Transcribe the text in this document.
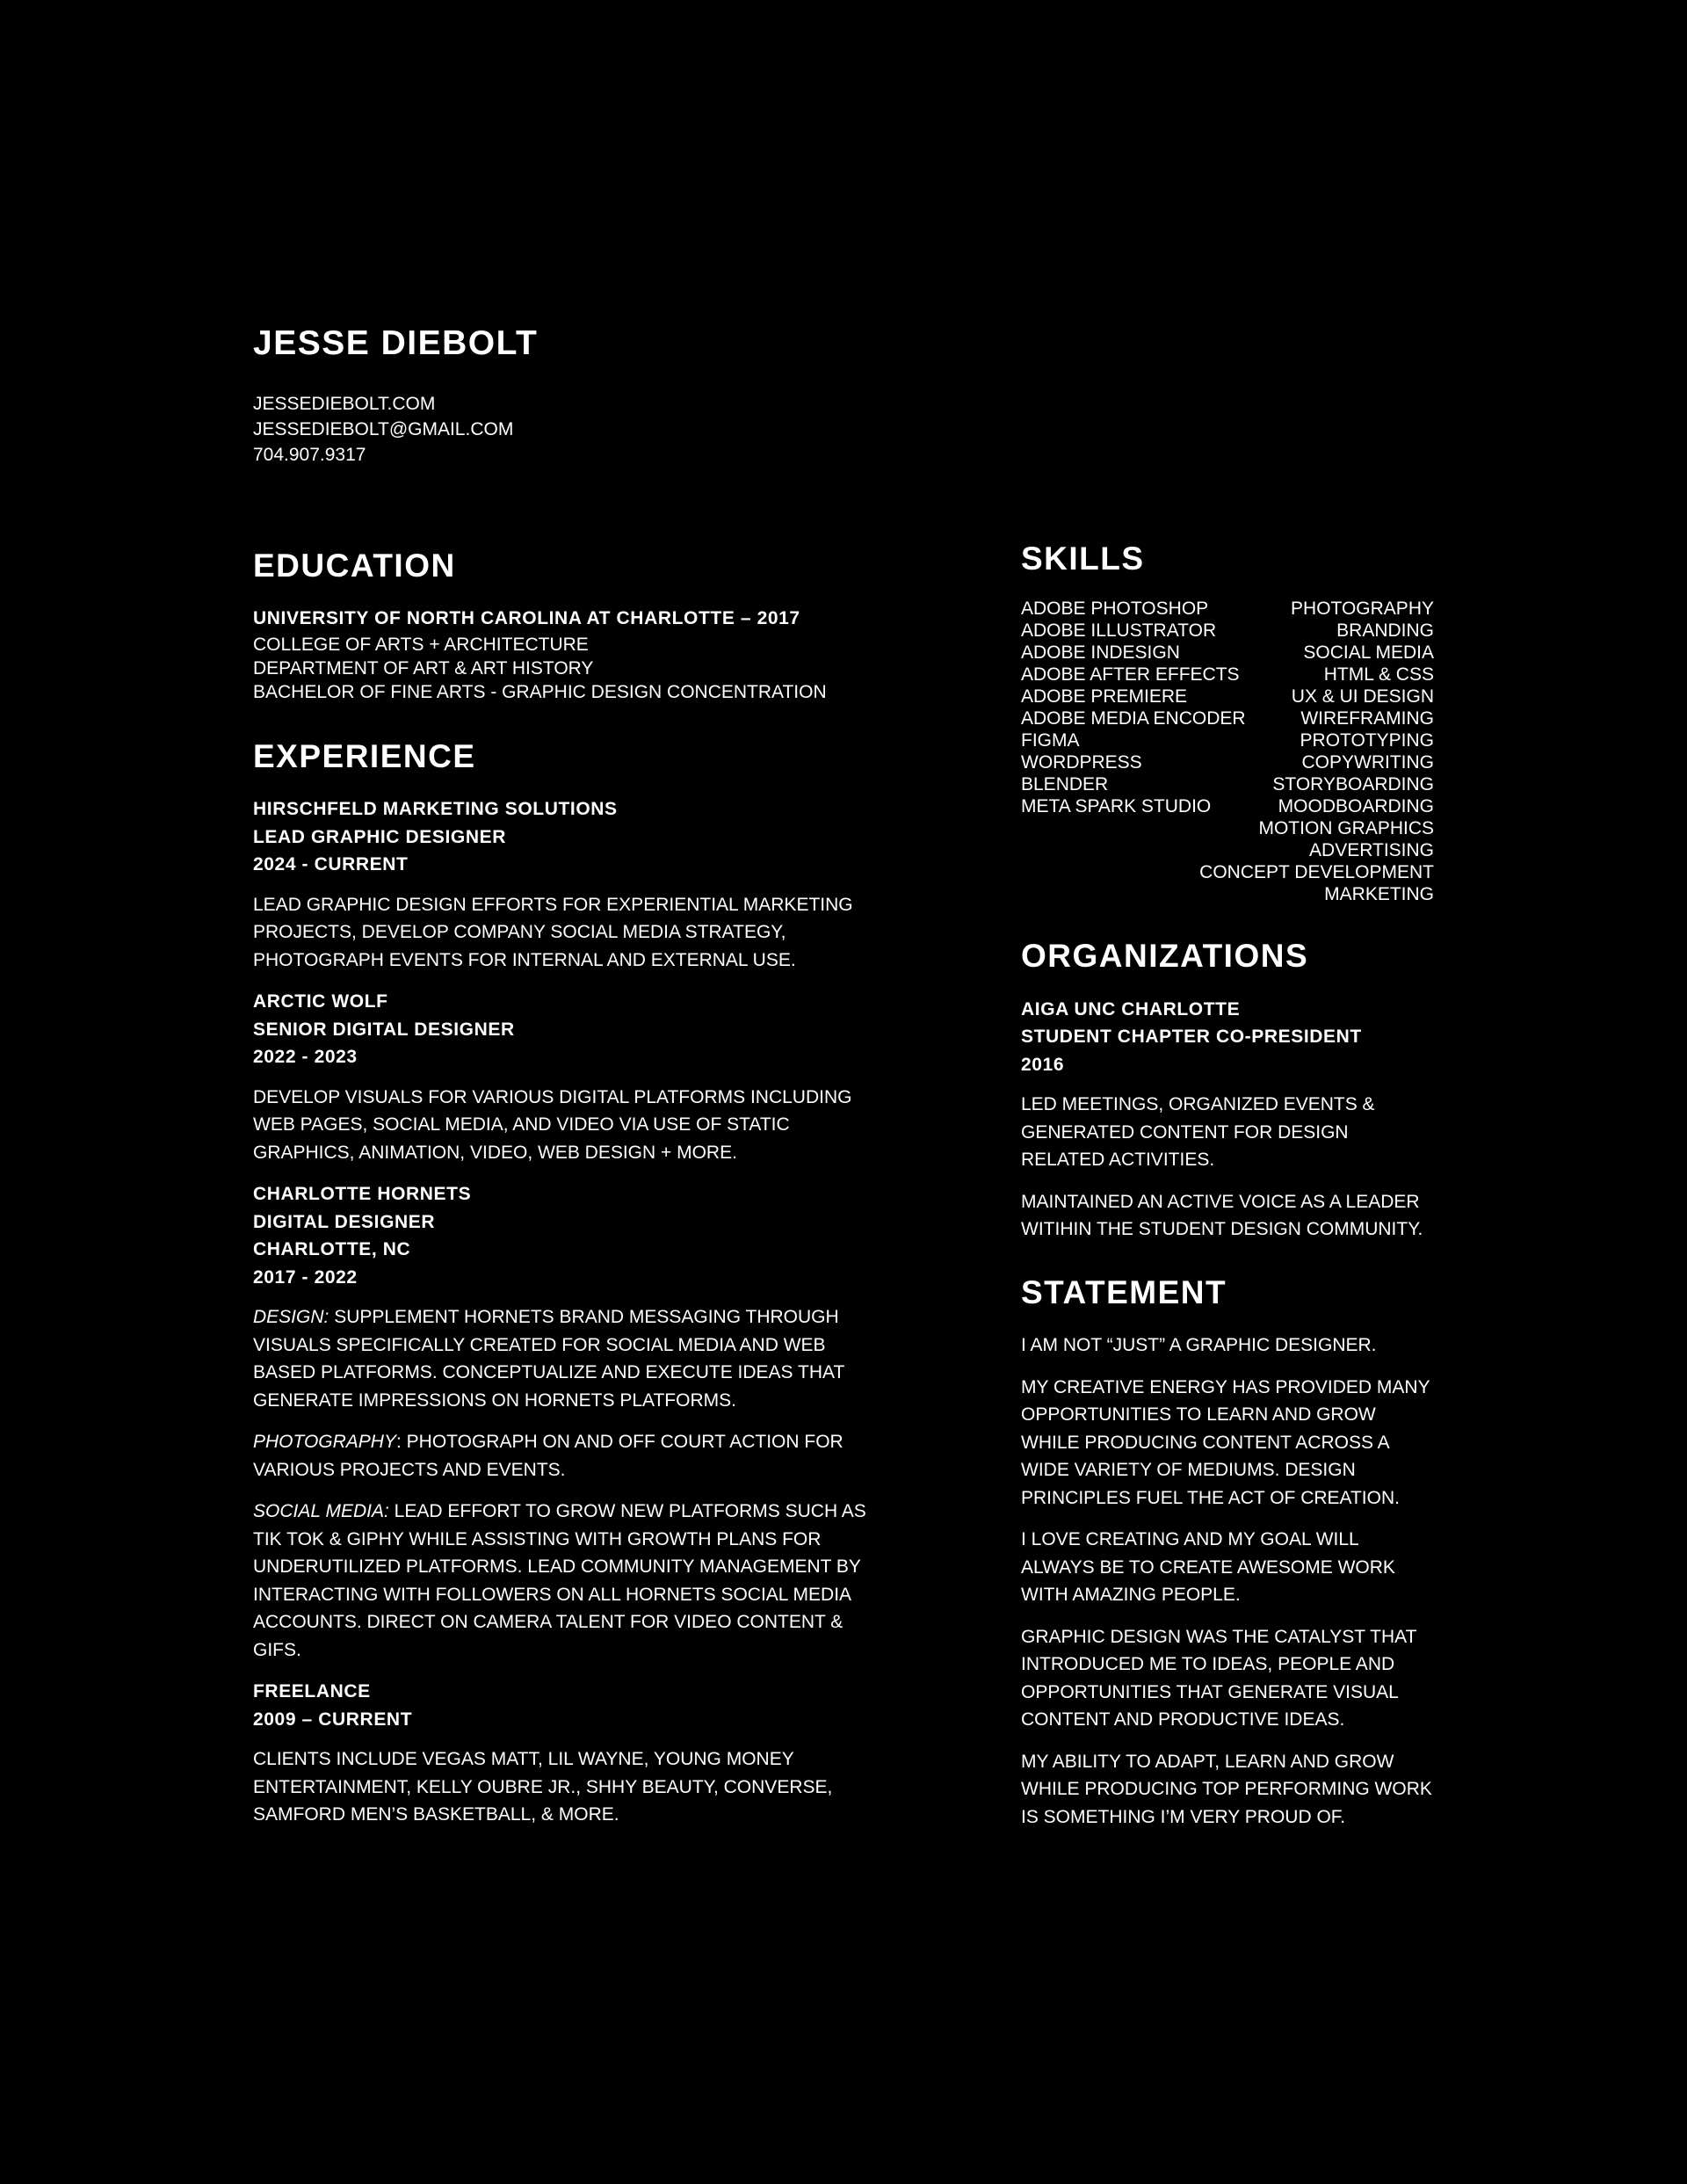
JESSE DIEBOLT
JESSEDIEBOLT.COM
JESSEDIEBOLT@GMAIL.COM
704.907.9317
EDUCATION
UNIVERSITY OF NORTH CAROLINA AT CHARLOTTE – 2017
COLLEGE OF ARTS + ARCHITECTURE
DEPARTMENT OF ART & ART HISTORY
BACHELOR OF FINE ARTS - GRAPHIC DESIGN CONCENTRATION
EXPERIENCE
HIRSCHFELD MARKETING SOLUTIONS
LEAD GRAPHIC DESIGNER
2024 - CURRENT
LEAD GRAPHIC DESIGN EFFORTS FOR EXPERIENTIAL MARKETING PROJECTS, DEVELOP COMPANY SOCIAL MEDIA STRATEGY, PHOTOGRAPH EVENTS FOR INTERNAL AND EXTERNAL USE.
ARCTIC WOLF
SENIOR DIGITAL DESIGNER
2022 - 2023
DEVELOP VISUALS FOR VARIOUS DIGITAL PLATFORMS INCLUDING WEB PAGES, SOCIAL MEDIA, AND VIDEO VIA USE OF STATIC GRAPHICS, ANIMATION, VIDEO, WEB DESIGN + MORE.
CHARLOTTE HORNETS
DIGITAL DESIGNER
CHARLOTTE, NC
2017 - 2022
DESIGN: SUPPLEMENT HORNETS BRAND MESSAGING THROUGH VISUALS SPECIFICALLY CREATED FOR SOCIAL MEDIA AND WEB BASED PLATFORMS. CONCEPTUALIZE AND EXECUTE IDEAS THAT GENERATE IMPRESSIONS ON HORNETS PLATFORMS.
PHOTOGRAPHY: PHOTOGRAPH ON AND OFF COURT ACTION FOR VARIOUS PROJECTS AND EVENTS.
SOCIAL MEDIA: LEAD EFFORT TO GROW NEW PLATFORMS SUCH AS TIK TOK & GIPHY WHILE ASSISTING WITH GROWTH PLANS FOR UNDERUTILIZED PLATFORMS. LEAD COMMUNITY MANAGEMENT BY INTERACTING WITH FOLLOWERS ON ALL HORNETS SOCIAL MEDIA ACCOUNTS. DIRECT ON CAMERA TALENT FOR VIDEO CONTENT & GIFS.
FREELANCE
2009 – CURRENT
CLIENTS INCLUDE VEGAS MATT, LIL WAYNE, YOUNG MONEY ENTERTAINMENT, KELLY OUBRE JR., SHHY BEAUTY, CONVERSE, SAMFORD MEN’S BASKETBALL, & MORE.
SKILLS
ADOBE PHOTOSHOP
ADOBE ILLUSTRATOR
ADOBE INDESIGN
ADOBE AFTER EFFECTS
ADOBE PREMIERE
ADOBE MEDIA ENCODER
FIGMA
WORDPRESS
BLENDER
META SPARK STUDIO
PHOTOGRAPHY
BRANDING
SOCIAL MEDIA
HTML & CSS
UX & UI DESIGN
WIREFRAMING
PROTOTYPING
COPYWRITING
STORYBOARDING
MOODBOARDING
MOTION GRAPHICS
ADVERTISING
CONCEPT DEVELOPMENT
MARKETING
ORGANIZATIONS
AIGA UNC CHARLOTTE
STUDENT CHAPTER CO-PRESIDENT
2016
LED MEETINGS, ORGANIZED EVENTS & GENERATED CONTENT FOR DESIGN RELATED ACTIVITIES.
MAINTAINED AN ACTIVE VOICE AS A LEADER WITIHIN THE STUDENT DESIGN COMMUNITY.
STATEMENT
I AM NOT “JUST” A GRAPHIC DESIGNER.
MY CREATIVE ENERGY HAS PROVIDED MANY OPPORTUNITIES TO LEARN AND GROW WHILE PRODUCING CONTENT ACROSS A WIDE VARIETY OF MEDIUMS. DESIGN PRINCIPLES FUEL THE ACT OF CREATION.
I LOVE CREATING AND MY GOAL WILL ALWAYS BE TO CREATE AWESOME WORK WITH AMAZING PEOPLE.
GRAPHIC DESIGN WAS THE CATALYST THAT INTRODUCED ME TO IDEAS, PEOPLE AND OPPORTUNITIES THAT GENERATE VISUAL CONTENT AND PRODUCTIVE IDEAS.
MY ABILITY TO ADAPT, LEARN AND GROW WHILE PRODUCING TOP PERFORMING WORK IS SOMETHING I’M VERY PROUD OF.
